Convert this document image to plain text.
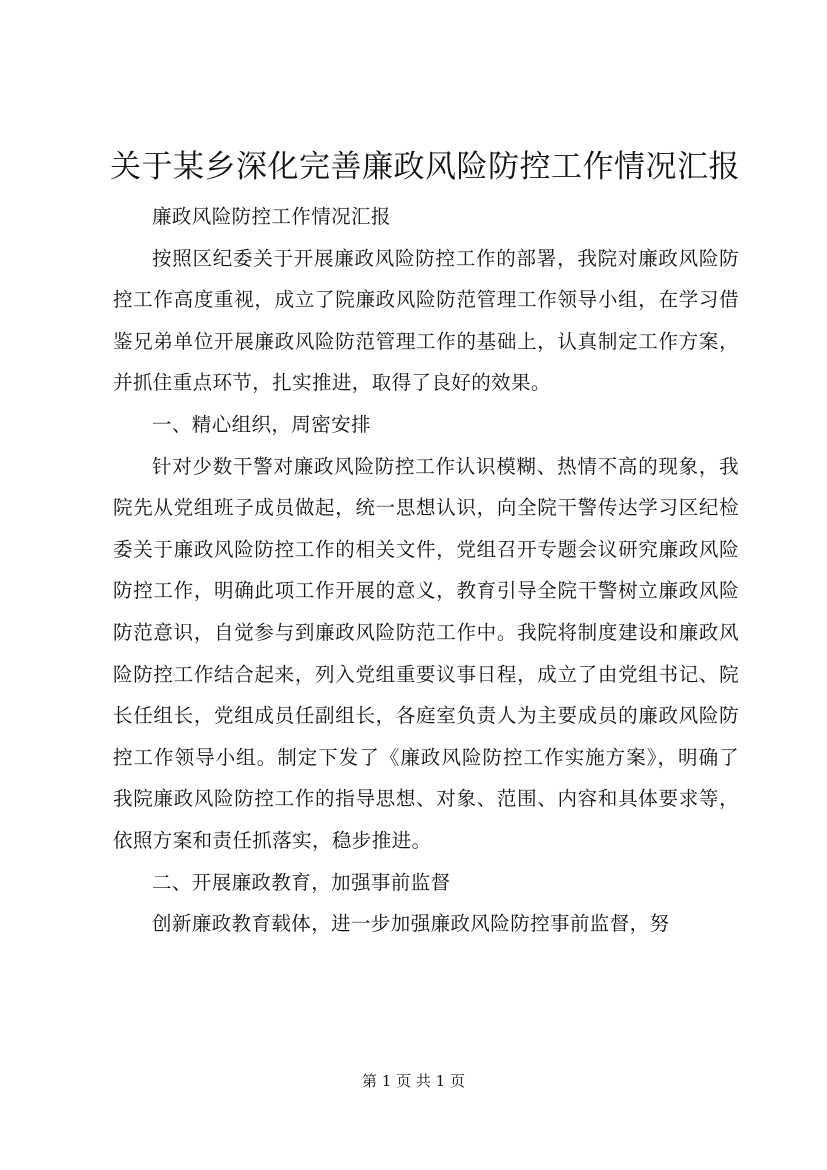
关于某乡深化完善廉政风险防控工作情况汇报

廉政风险防控工作情况汇报

按照区纪委关于开展廉政风险防控工作的部署，我院对廉政风险防控工作高度重视，成立了院廉政风险防范管理工作领导小组，在学习借鉴兄弟单位开展廉政风险防范管理工作的基础上，认真制定工作方案，并抓住重点环节，扎实推进，取得了良好的效果。

一、精心组织，周密安排

针对少数干警对廉政风险防控工作认识模糊、热情不高的现象，我院先从党组班子成员做起，统一思想认识，向全院干警传达学习区纪检委关于廉政风险防控工作的相关文件，党组召开专题会议研究廉政风险防控工作，明确此项工作开展的意义，教育引导全院干警树立廉政风险防范意识，自觉参与到廉政风险防范工作中。我院将制度建设和廉政风险防控工作结合起来，列入党组重要议事日程，成立了由党组书记、院长任组长，党组成员任副组长，各庭室负责人为主要成员的廉政风险防控工作领导小组。制定下发了《廉政风险防控工作实施方案》，明确了我院廉政风险防控工作的指导思想、对象、范围、内容和具体要求等，依照方案和责任抓落实，稳步推进。

二、开展廉政教育，加强事前监督

创新廉政教育载体，进一步加强廉政风险防控事前监督，努

第 1 页 共 1 页
